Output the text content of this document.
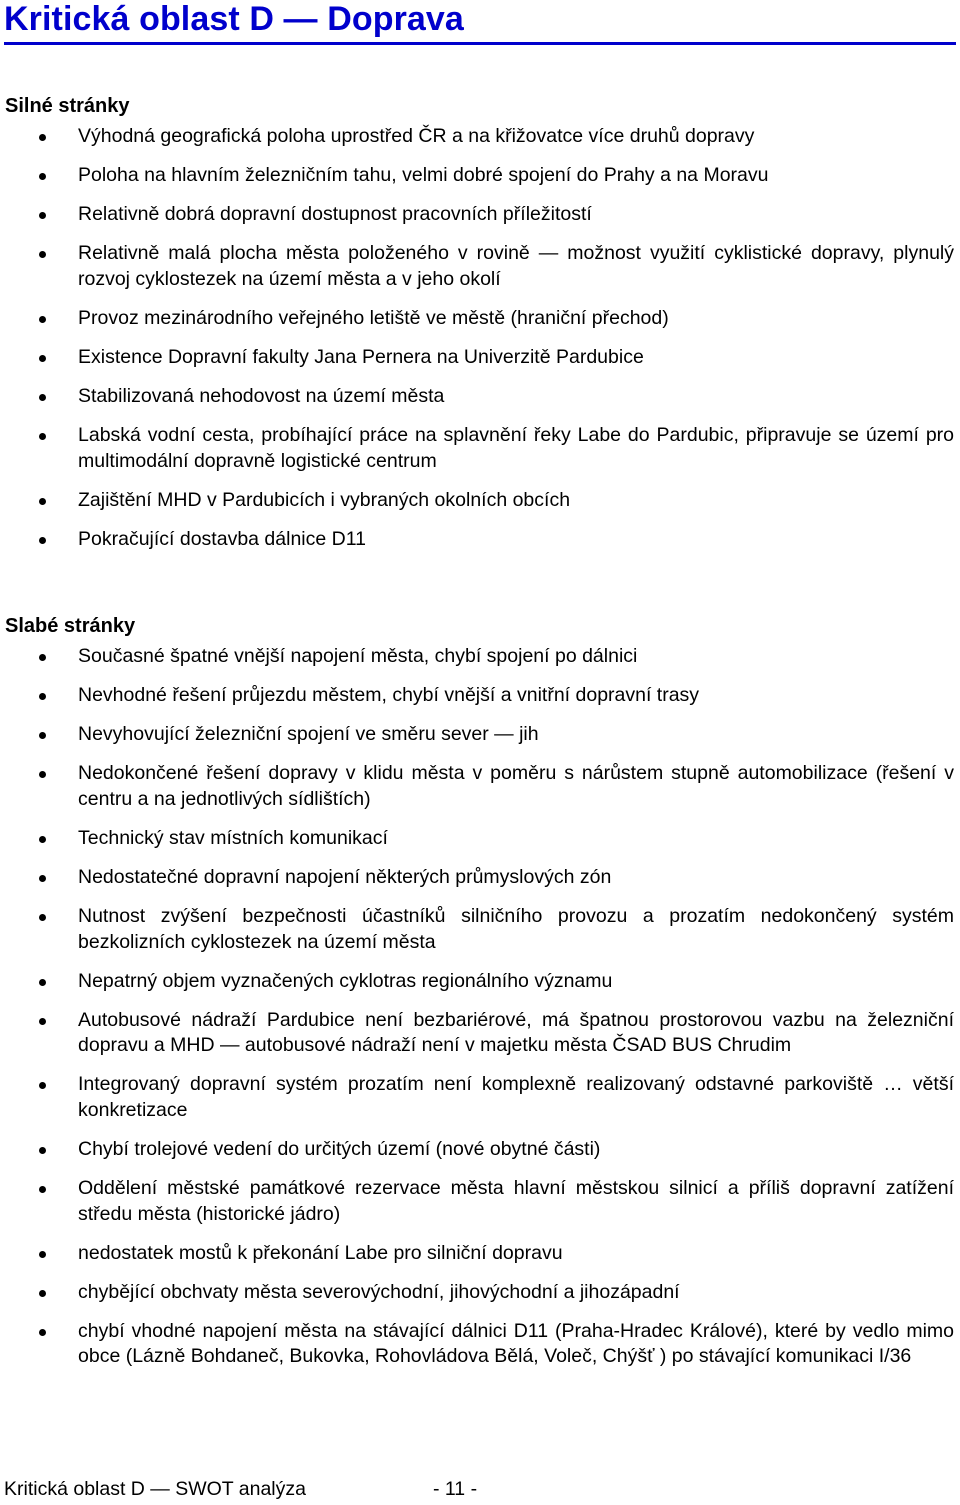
Kritická oblast D — Doprava
Silné stránky
Výhodná geografická poloha uprostřed ČR a na křižovatce více druhů dopravy
Poloha na hlavním železničním tahu, velmi dobré spojení do Prahy a na Moravu
Relativně dobrá dopravní dostupnost pracovních příležitostí
Relativně malá plocha města položeného v rovině — možnost využití cyklistické dopravy, plynulý rozvoj cyklostezek na území města a v jeho okolí
Provoz mezinárodního veřejného letiště ve městě (hraniční přechod)
Existence Dopravní fakulty Jana Pernera na Univerzitě Pardubice
Stabilizovaná nehodovost na území města
Labská vodní cesta, probíhající práce na splavnění řeky Labe do Pardubic, připravuje se území pro multimodální dopravně logistické centrum
Zajištění MHD v Pardubicích i vybraných okolních obcích
Pokračující dostavba dálnice D11
Slabé stránky
Současné špatné vnější napojení města, chybí spojení po dálnici
Nevhodné řešení průjezdu městem, chybí vnější a vnitřní dopravní trasy
Nevyhovující železniční spojení ve směru sever — jih
Nedokončené řešení dopravy v klidu města v poměru s nárůstem stupně automobilizace (řešení v centru a na jednotlivých sídlištích)
Technický stav místních komunikací
Nedostatečné dopravní napojení některých průmyslových zón
Nutnost zvýšení bezpečnosti účastníků silničního provozu a prozatím nedokončený systém bezkolizních cyklostezek na území města
Nepatrný objem vyznačených cyklotras regionálního významu
Autobusové nádraží Pardubice není bezbariérové, má špatnou prostorovou vazbu na železniční dopravu a MHD — autobusové nádraží není v majetku města ČSAD BUS Chrudim
Integrovaný dopravní systém prozatím není komplexně realizovaný odstavné parkoviště … větší konkretizace
Chybí trolejové vedení do určitých území (nové obytné části)
Oddělení městské památkové rezervace města hlavní městskou silnicí a příliš dopravní zatížení středu města (historické jádro)
nedostatek mostů k překonání Labe pro silniční dopravu
chybějící obchvaty města severovýchodní, jihovýchodní a jihozápadní
chybí vhodné napojení města na stávající dálnici D11 (Praha-Hradec Králové), které by vedlo mimo obce (Lázně Bohdaneč, Bukovka, Rohovládova Bělá, Voleč, Chýšť ) po stávající komunikaci I/36
Kritická oblast D — SWOT analýza	- 11 -
